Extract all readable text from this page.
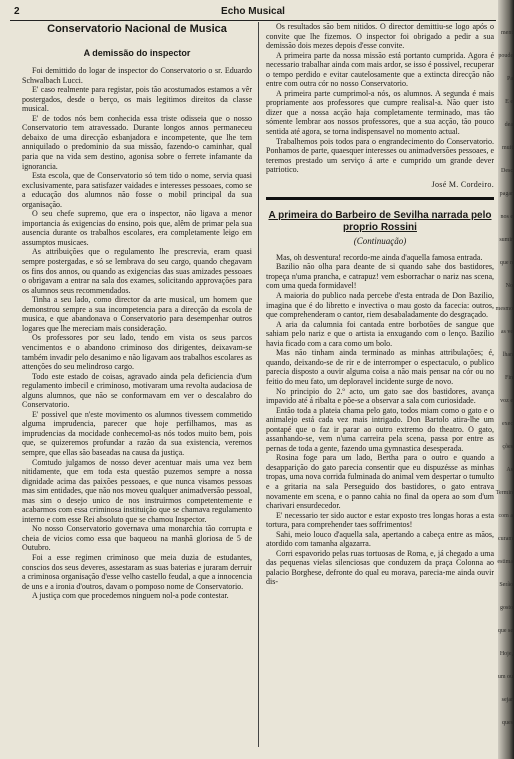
2	Echo Musical
Conservatorio Nacional de Musica
A demissão do inspector

Foi demittido do logar de inspector do Conservatorio o sr. Eduardo Schwalbach Lucci.

E' caso realmente para registar, pois tão acostumados estamos a vêr postergados, desde o berço, os mais legitimos direitos da classe musical.

E' de todos nós bem conhecida essa triste odisseia que o nosso Conservatorio tem atravessado. Durante longos annos permaneceu debaixo de uma direcção esbanjadora e incompetente, que lhe tem anniquilado o predominio da sua missão, fazendo-o caminhar, qual paria que na vida sem destino, agonisa sobre o ferrete infamante da ignorancia.

Esta escola, que de Conservatorio só tem tido o nome, servia quasi exclusivamente, para satisfazer vaidades e interesses pessoaes, como se a educação dos alumnos não fosse o mobil principal da sua organisação.

O seu chefe supremo, que era o inspector, não ligava a menor importancia ás exigencias do ensino, pois que, alêm de primar pela sua ausencia durante os trabalhos escolares, era completamente leigo em assumptos musicaes.

As attribuições que o regulamento lhe prescrevia, eram quasi sempre postergadas, e só se lembrava do seu cargo, quando chegavam os fins dos annos, ou quando as exigencias das suas amizades pessoaes o obrigavam a entrar na sala dos exames, solicitando approvações para os alumnos seus recommendados.

Tinha a seu lado, como director da arte musical, um homem que demonstrou sempre a sua incompetencia para a direcção da escola de musica, e que abandonava o Conservatorio para desempenhar outros logares que lhe mereciam mais consideração.

Os professores por seu lado, tendo em vista os seus parcos vencimentos e o abandono criminoso dos dirigentes, deixavam-se também invadir pelo desanimo e não ligavam aos trabalhos escolares as attenções do seu melindroso cargo.

Todo este estado de coisas, agravado ainda pela deficiencia d'um regulamento imbecil e criminoso, motivaram uma revolta audaciosa de alguns alumnos, que não se conformavam em ver o descalabro do Conservatorio.

E' possivel que n'este movimento os alumnos tivessem commetido alguma imprudencia, parecer que hoje perfilhamos, mas as imprudencias da mocidade conhecemol-as nós todos muito bem, pois que, se quizeremos profundar a razão da sua existencia, veremos sempre, que ellas são baseadas na causa da justiça.

Comtudo julgamos de nosso dever acentuar mais uma vez bem nitidamente, que em toda esta questão puzemos sempre a nossa dignidade acima das paixões pessoaes, e que nunca visamos pessoas mas sim entidades, que não nos moveu qualquer animadversão pessoal, mas sim o desejo unico de nos instruirmos competentemente e acabarmos com essa criminosa instituição que se chamava regulamento interno e com esse Rei absoluto que se chamou Inspector.

No nosso Conservatorio governava uma monarchia tão corrupta e cheia de vicios como essa que baqueou na manhã gloriosa de 5 de Outubro.

Foi a esse regimen criminoso que meia duzia de estudantes, conscios dos seus deveres, assestaram as suas baterias e juraram derruir a criminosa organisação d'esse velho castello feudal, a que a innocencia de uns e a ironia d'outros, davam o pomposo nome de Conservatorio.

A justiça com que procedemos ninguem nol-a pode contestar.

Os resultados são bem nitidos. O director demittiu-se logo após o convite que lhe fizemos. O inspector foi obrigado a pedir a sua demissão dois mezes depois d'esse convite.

A primeira parte da nossa missão está portanto cumprida. Agora é necessario trabalhar ainda com mais ardor, se isso é possivel, recuperar o tempo perdido e evitar cautelosamente que a extincta direcção não entre com outra cór no nosso Conservatorio.

A primeira parte cumprimol-a nós, os alumnos. A segunda é mais propriamente aos professores que cumpre realisal-a. Não quer isto dizer que a nossa acção haja completamente terminado, mas tão sómente lembrar aos nossos professores, que a sua acção, tão pouco sentida até agora, se torna indispensavel no momento actual.

Trabalhemos pois todos para o engrandecimento do Conservatorio. Ponhamos de parte, quaesquer interesses ou animadversões pessoaes, e teremos prestado um serviço á arte e cumprido um grande dever patriotico.

José M. Cordeiro.
A primeira do Barbeiro de Sevilha narrada pelo proprio Rossini
(Continuação)

Mas, oh desventura! recordo-me ainda d'aquella famosa entrada.

Bazilio não olha para deante de si quando sahe dos bastidores, tropeça n'uma prancha, e catrapuz! vem esborrachar o nariz nas scena, com uma queda formidavel!

A maioria do publico nada percebe d'esta entrada de Don Bazilio, imagina que é do libretto e invectiva o mau gosto da facecia: outros, que comprehenderam o cantor, riem desabaladamente do desgraçado.

A aria da calumnia foi cantada entre borbotões de sangue que sahiam pelo nariz e que o artista ia enxugando com o lenço. Bazilio havia ficado com a cara como um bolo.

Mas não tinham ainda terminado as minhas attribulações; é, quando, deixando-se de rir e de interromper o espectaculo, o publico parecia disposto a ouvir alguma coisa a não mais pensar na cór ou no feitio do meu fato, um deploravel incidente surge de novo.

No principio do 2.º acto, um gato sae dos bastidores, avança impavido até á ribalta e põe-se a observar a sala com curiosidade.

Então toda a plateia chama pelo gato, todos miam como o gato e o animalejo está cada vez mais intrigado. Don Bartolo atira-lhe um pontapé que o faz ir parar ao outro extremo do theatro. O gato, assanhando-se, vem n'uma carreira pela scena, passa por entre as pernas de toda a gente, fazendo uma gymnastica desesperada.

Rosina foge para um lado, Bertha para o outro e quando a desapparição do gato parecia consentir que eu dispuzésse as minhas tropas, uma nova corrida fulminada do animal vem despertar o tumulto e a gritaria na sala Perseguido dos bastidores, o gato entrava novamente em scena, e o panno cahia no final da opera ao som d'um charivari ensurdecedor.

E' necessario ter sido auctor e estar exposto tres longas horas a esta tortura, para comprehender taes soffrimentos!

Sahi, meio louco d'aquella sala, apertando a cabeça entre as mãos, atordido com tamanha algazarra.

Corri espavorido pelas ruas tortuosas de Roma, e, já chegado a uma das pequenas vielas silenciosas que conduzem da praça Colonna ao palacio Borghese, defronte do qual eu morava, parecia-me ainda ouvir dis-

ment
poude
Pa
E e
dea
muit
Desc
pagar
nos e
sumir
que n
No
mesmo
as ve
lhan
Fin
voz e
exec
ções
As
Termin
com a
curam
estima
Serão
gosto
que se
Hoje,
um ou
sejar
ques
